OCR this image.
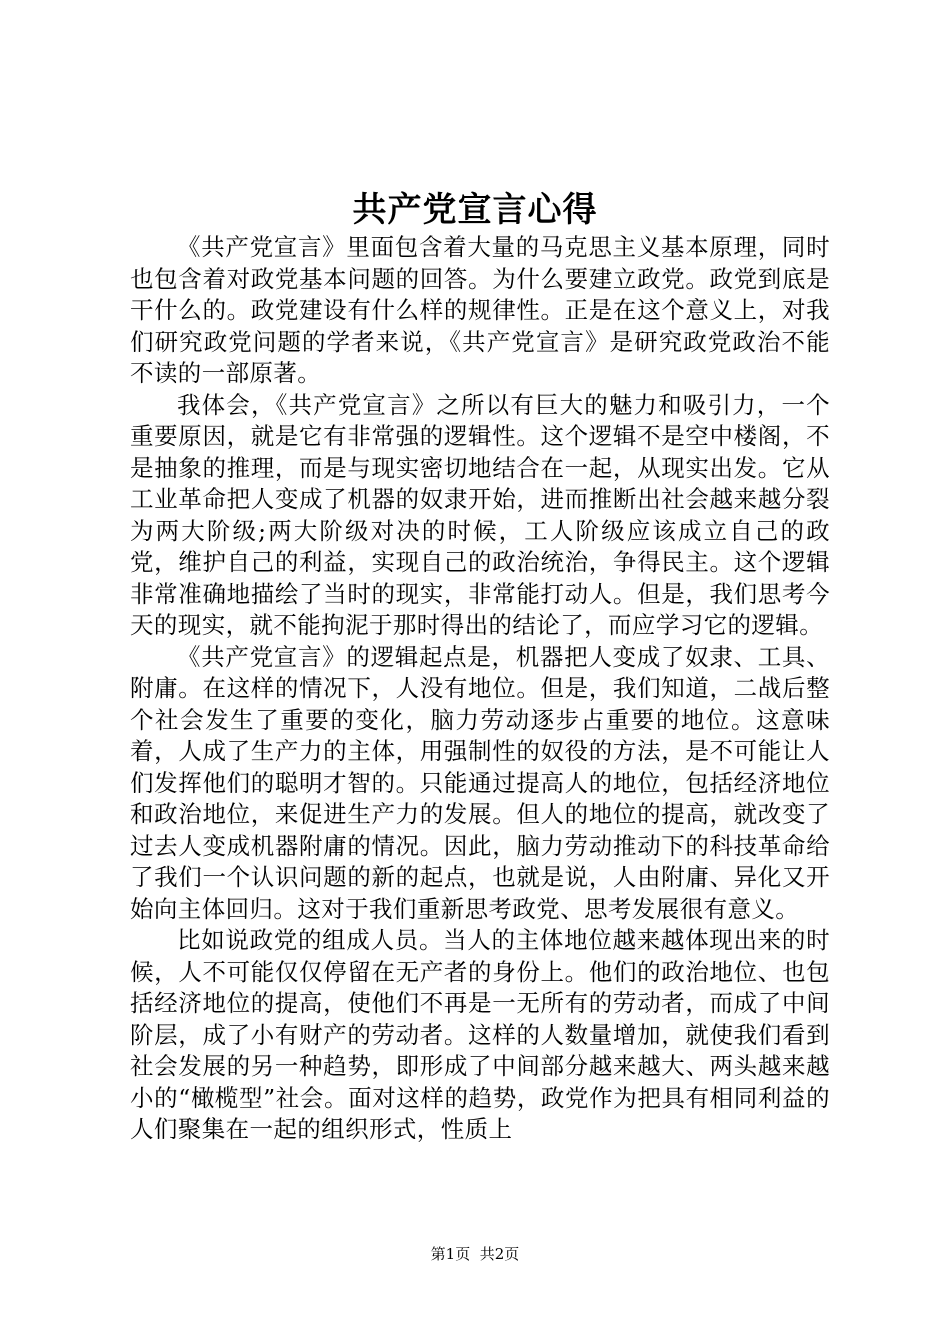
共产党宣言心得

《共产党宣言》里面包含着大量的马克思主义基本原理，同时也包含着对政党基本问题的回答。为什么要建立政党。政党到底是干什么的。政党建设有什么样的规律性。正是在这个意义上，对我们研究政党问题的学者来说，《共产党宣言》是研究政党政治不能不读的一部原著。

我体会，《共产党宣言》之所以有巨大的魅力和吸引力，一个重要原因，就是它有非常强的逻辑性。这个逻辑不是空中楼阁，不是抽象的推理，而是与现实密切地结合在一起，从现实出发。它从工业革命把人变成了机器的奴隶开始，进而推断出社会越来越分裂为两大阶级;两大阶级对决的时候，工人阶级应该成立自己的政党，维护自己的利益，实现自己的政治统治，争得民主。这个逻辑非常准确地描绘了当时的现实，非常能打动人。但是，我们思考今天的现实，就不能拘泥于那时得出的结论了，而应学习它的逻辑。

《共产党宣言》的逻辑起点是，机器把人变成了奴隶、工具、附庸。在这样的情况下，人没有地位。但是，我们知道，二战后整个社会发生了重要的变化，脑力劳动逐步占重要的地位。这意味着，人成了生产力的主体，用强制性的奴役的方法，是不可能让人们发挥他们的聪明才智的。只能通过提高人的地位，包括经济地位和政治地位，来促进生产力的发展。但人的地位的提高，就改变了过去人变成机器附庸的情况。因此，脑力劳动推动下的科技革命给了我们一个认识问题的新的起点，也就是说，人由附庸、异化又开始向主体回归。这对于我们重新思考政党、思考发展很有意义。

比如说政党的组成人员。当人的主体地位越来越体现出来的时候，人不可能仅仅停留在无产者的身份上。他们的政治地位、也包括经济地位的提高，使他们不再是一无所有的劳动者，而成了中间阶层，成了小有财产的劳动者。这样的人数量增加，就使我们看到社会发展的另一种趋势，即形成了中间部分越来越大、两头越来越小的“橄榄型”社会。面对这样的趋势，政党作为把具有相同利益的人们聚集在一起的组织形式，性质上

第1页 共2页
